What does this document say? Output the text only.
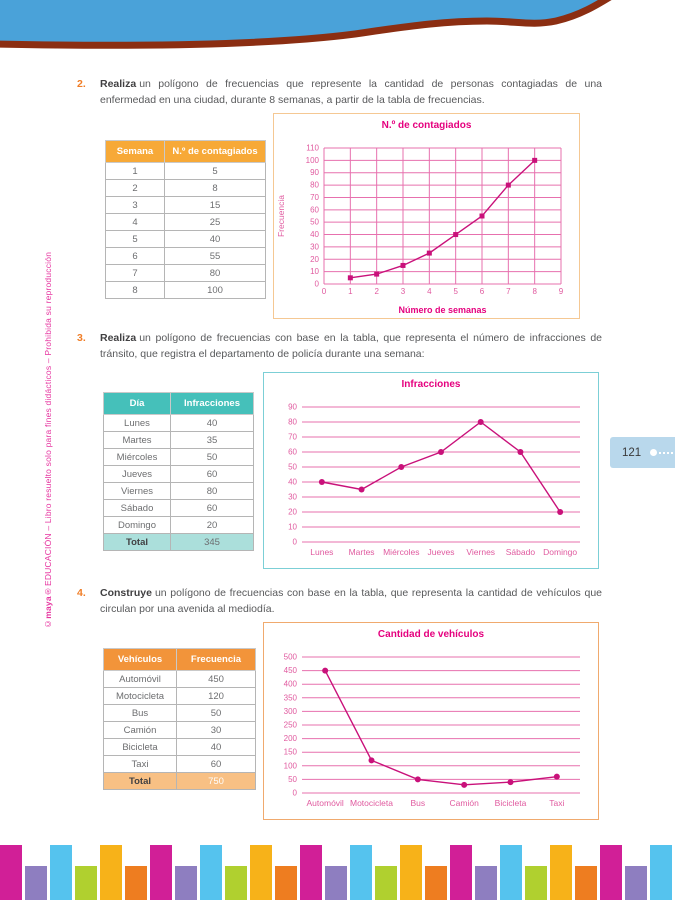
©maya®EDUCACIÓN – Libro resuelto solo para fines didácticos – Prohibida su reproducción
2.	Realiza un polígono de frecuencias que represente la cantidad de personas contagiadas de una enfermedad en una ciudad, durante 8 semanas, a partir de la tabla de frecuencias.

Semana	N.º de contagiados
1	5
2	8
3	15
4	25
5	40
6	55
7	80
8	100
N.º de contagiados
0
10
20
30
40
50
60
70
80
90
100
110
0	1	2	3	4	5	6	7	8	9
Número de semanas
Frecuencia
3.	Realiza un polígono de frecuencias con base en la tabla, que representa el número de infracciones de tránsito, que registra el departamento de policía durante una semana:

Día	Infracciones
Lunes	40
Martes	35
Miércoles	50
Jueves	60
Viernes	80
Sábado	60
Domingo	20
Total	345
Infracciones
0
10
20
30
40
50
60
70
80
90
Lunes Martes Miércoles Jueves Viernes Sábado Domingo
4.	Construye un polígono de frecuencias con base en la tabla, que representa la cantidad de vehículos que circulan por una avenida al mediodía.

Vehículos	Frecuencia
Automóvil	450
Motocicleta	120
Bus	50
Camión	30
Bicicleta	40
Taxi	60
Total	750
Cantidad de vehículos
0
50
100
150
200
250
300
350
400
450
500
Automóvil Motocicleta Bus	Camión Bicicleta	Taxi
121
